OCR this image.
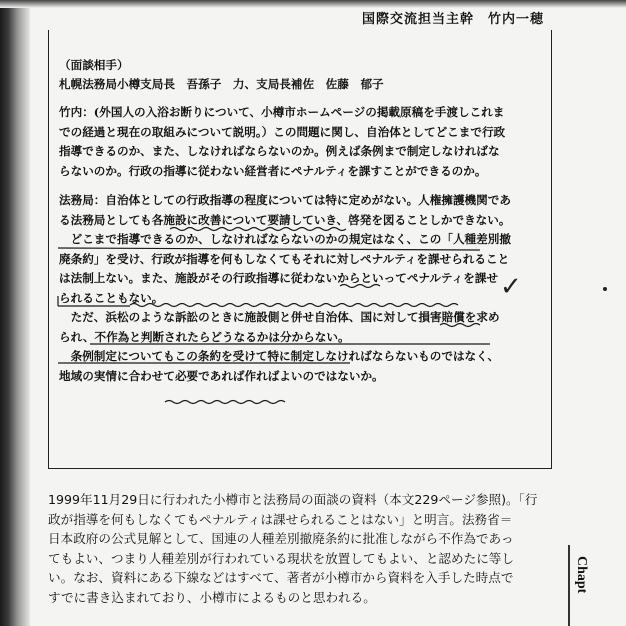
国際交流担当主幹　竹内一穂
（面談相手）
札幌法務局小樽支局長　吾孫子　力、支局長補佐　佐藤　郁子
竹内：(外国人の入浴お断りについて、小樽市ホームページの掲載原稿を手渡しこれま
での経過と現在の取組みについて説明。）この問題に関し、自治体としてどこまで行政
指導できるのか、また、しなければならないのか。例えば条例まで制定しなければな
らないのか。行政の指導に従わない経営者にペナルティを課すことができるのか。
法務局：自治体としての行政指導の程度については特に定めがない。人権擁護機関であ
る法務局としても各施設に改善について要請していき、啓発を図ることしかできない。
　どこまで指導できるのか、しなければならないのかの規定はなく、この「人種差別撤
廃条約」を受け、行政が指導を何もしなくてもそれに対しペナルティを課せられること
は法制上ない。また、施設がその行政指導に従わないからといってペナルティを課せ
られることもない。
　ただ、浜松のような訴訟のときに施設側と併せ自治体、国に対して損害賠償を求め
られ、不作為と判断されたらどうなるかは分からない。
　条例制定についてもこの条約を受けて特に制定しなければならないものではなく、
地域の実情に合わせて必要であれば作ればよいのではないか。
✓
1999年11月29日に行われた小樽市と法務局の面談の資料（本文229ページ参照)。「行
政が指導を何もしなくてもペナルティは課せられることはない」と明言。法務省＝
日本政府の公式見解として、国連の人種差別撤廃条約に批准しながら不作為であっ
てもよい、つまり人種差別が行われている現状を放置してもよい、と認めたに等し
い。なお、資料にある下線などはすべて、著者が小樽市から資料を入手した時点で
すでに書き込まれており、小樽市によるものと思われる。
Chapt
